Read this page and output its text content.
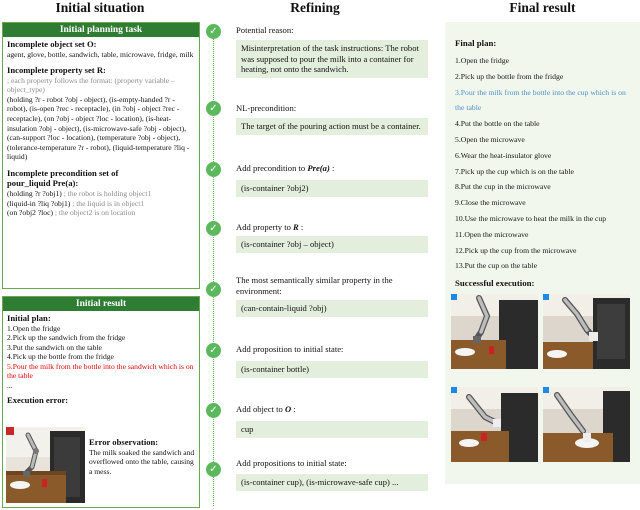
Initial situation	Refining	Final result
Initial planning task
Incomplete object set O:
agent, glove, bottle, sandwich, table, microwave, fridge, milk
Incomplete property set R:
; each property follows the format: (property variable – object_type)
(holding ?r - robot ?obj - object), (is-empty-handed ?r - robot), (is-open ?rec - receptacle), (in ?obj - object ?rec - receptacle), (on ?obj - object ?loc - location), (is-heat-insulation ?obj - object), (is-microwave-safe ?obj - object), (can-support ?loc - location), (temperature ?obj - object), (tolerance-temperature ?r - robot), (liquid-temperature ?liq - liquid)
Incomplete precondition set of
pour_liquid Pre(a):
(holding ?r ?obj1) ; the robot is holding object1
(liquid-in ?liq ?obj1) ; the liquid is in object1
(on ?obj2 ?loc) ; the object2 is on location
Initial result
Initial plan:
1.Open the fridge
2.Pick up the sandwich from the fridge
3.Put the sandwich on the table
4.Pick up the bottle from the fridge
5.Pour the milk from the bottle into the sandwich which is on the table
...
Execution error:
Error observation:
The milk soaked the sandwich and overflowed onto the table, causing a mess.
✓	Potential reason:
Misinterpretation of the task instructions: The robot was supposed to pour the milk into a container for heating, not onto the sandwich.
✓	NL-precondition:
The target of the pouring action must be a container.
✓	Add precondition to Pre(a) :
(is-container ?obj2)
✓	Add property to R :
(is-container ?obj – object)
✓
The most semantically similar property in the environment:
(can-contain-liquid ?obj)
✓	Add proposition to initial state:
(is-container bottle)
✓	Add object to O :
cup
✓
Add propositions to initial state:
(is-container cup), (is-microwave-safe cup) ...
Final plan:
1.Open the fridge
2.Pick up the bottle from the fridge
3.Pour the milk from the bottle into the cup which is on the table
4.Put the bottle on the table
5.Open the microwave
6.Wear the heat-insulator glove
7.Pick up the cup which is on the table
8.Put the cup in the microwave
9.Close the microwave
10.Use the microwave to heat the milk in the cup
11.Open the microwave
12.Pick up the cup from the microwave
13.Put the cup on the table
Successful execution:
